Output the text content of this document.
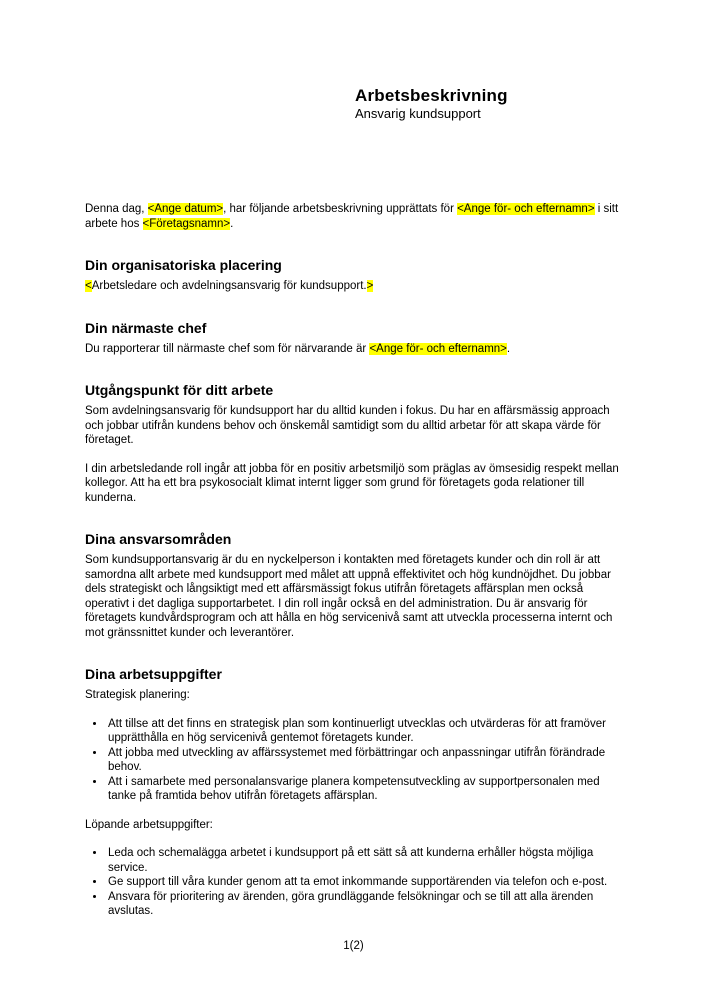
Arbetsbeskrivning
Ansvarig kundsupport

Denna dag, <Ange datum>, har följande arbetsbeskrivning upprättats för <Ange för- och efternamn> i sitt arbete hos <Företagsnamn>.

Din organisatoriska placering

<Arbetsledare och avdelningsansvarig för kundsupport.>

Din närmaste chef

Du rapporterar till närmaste chef som för närvarande är <Ange för- och efternamn>.

Utgångspunkt för ditt arbete

Som avdelningsansvarig för kundsupport har du alltid kunden i fokus. Du har en affärsmässig approach och jobbar utifrån kundens behov och önskemål samtidigt som du alltid arbetar för att skapa värde för företaget.

I din arbetsledande roll ingår att jobba för en positiv arbetsmiljö som präglas av ömsesidig respekt mellan kollegor. Att ha ett bra psykosocialt klimat internt ligger som grund för företagets goda relationer till kunderna.

Dina ansvarsområden

Som kundsupportansvarig är du en nyckelperson i kontakten med företagets kunder och din roll är att samordna allt arbete med kundsupport med målet att uppnå effektivitet och hög kundnöjdhet. Du jobbar dels strategiskt och långsiktigt med ett affärsmässigt fokus utifrån företagets affärsplan men också operativt i det dagliga supportarbetet. I din roll ingår också en del administration. Du är ansvarig för företagets kundvårdsprogram och att hålla en hög servicenivå samt att utveckla processerna internt och mot gränssnittet kunder och leverantörer.

Dina arbetsuppgifter

Strategisk planering:

• Att tillse att det finns en strategisk plan som kontinuerligt utvecklas och utvärderas för att framöver upprätthålla en hög servicenivå gentemot företagets kunder.
• Att jobba med utveckling av affärssystemet med förbättringar och anpassningar utifrån förändrade behov.
• Att i samarbete med personalansvarige planera kompetensutveckling av supportpersonalen med tanke på framtida behov utifrån företagets affärsplan.

Löpande arbetsuppgifter:

• Leda och schemalägga arbetet i kundsupport på ett sätt så att kunderna erhåller högsta möjliga service.
• Ge support till våra kunder genom att ta emot inkommande supportärenden via telefon och e-post.
• Ansvara för prioritering av ärenden, göra grundläggande felsökningar och se till att alla ärenden avslutas.
1(2)
